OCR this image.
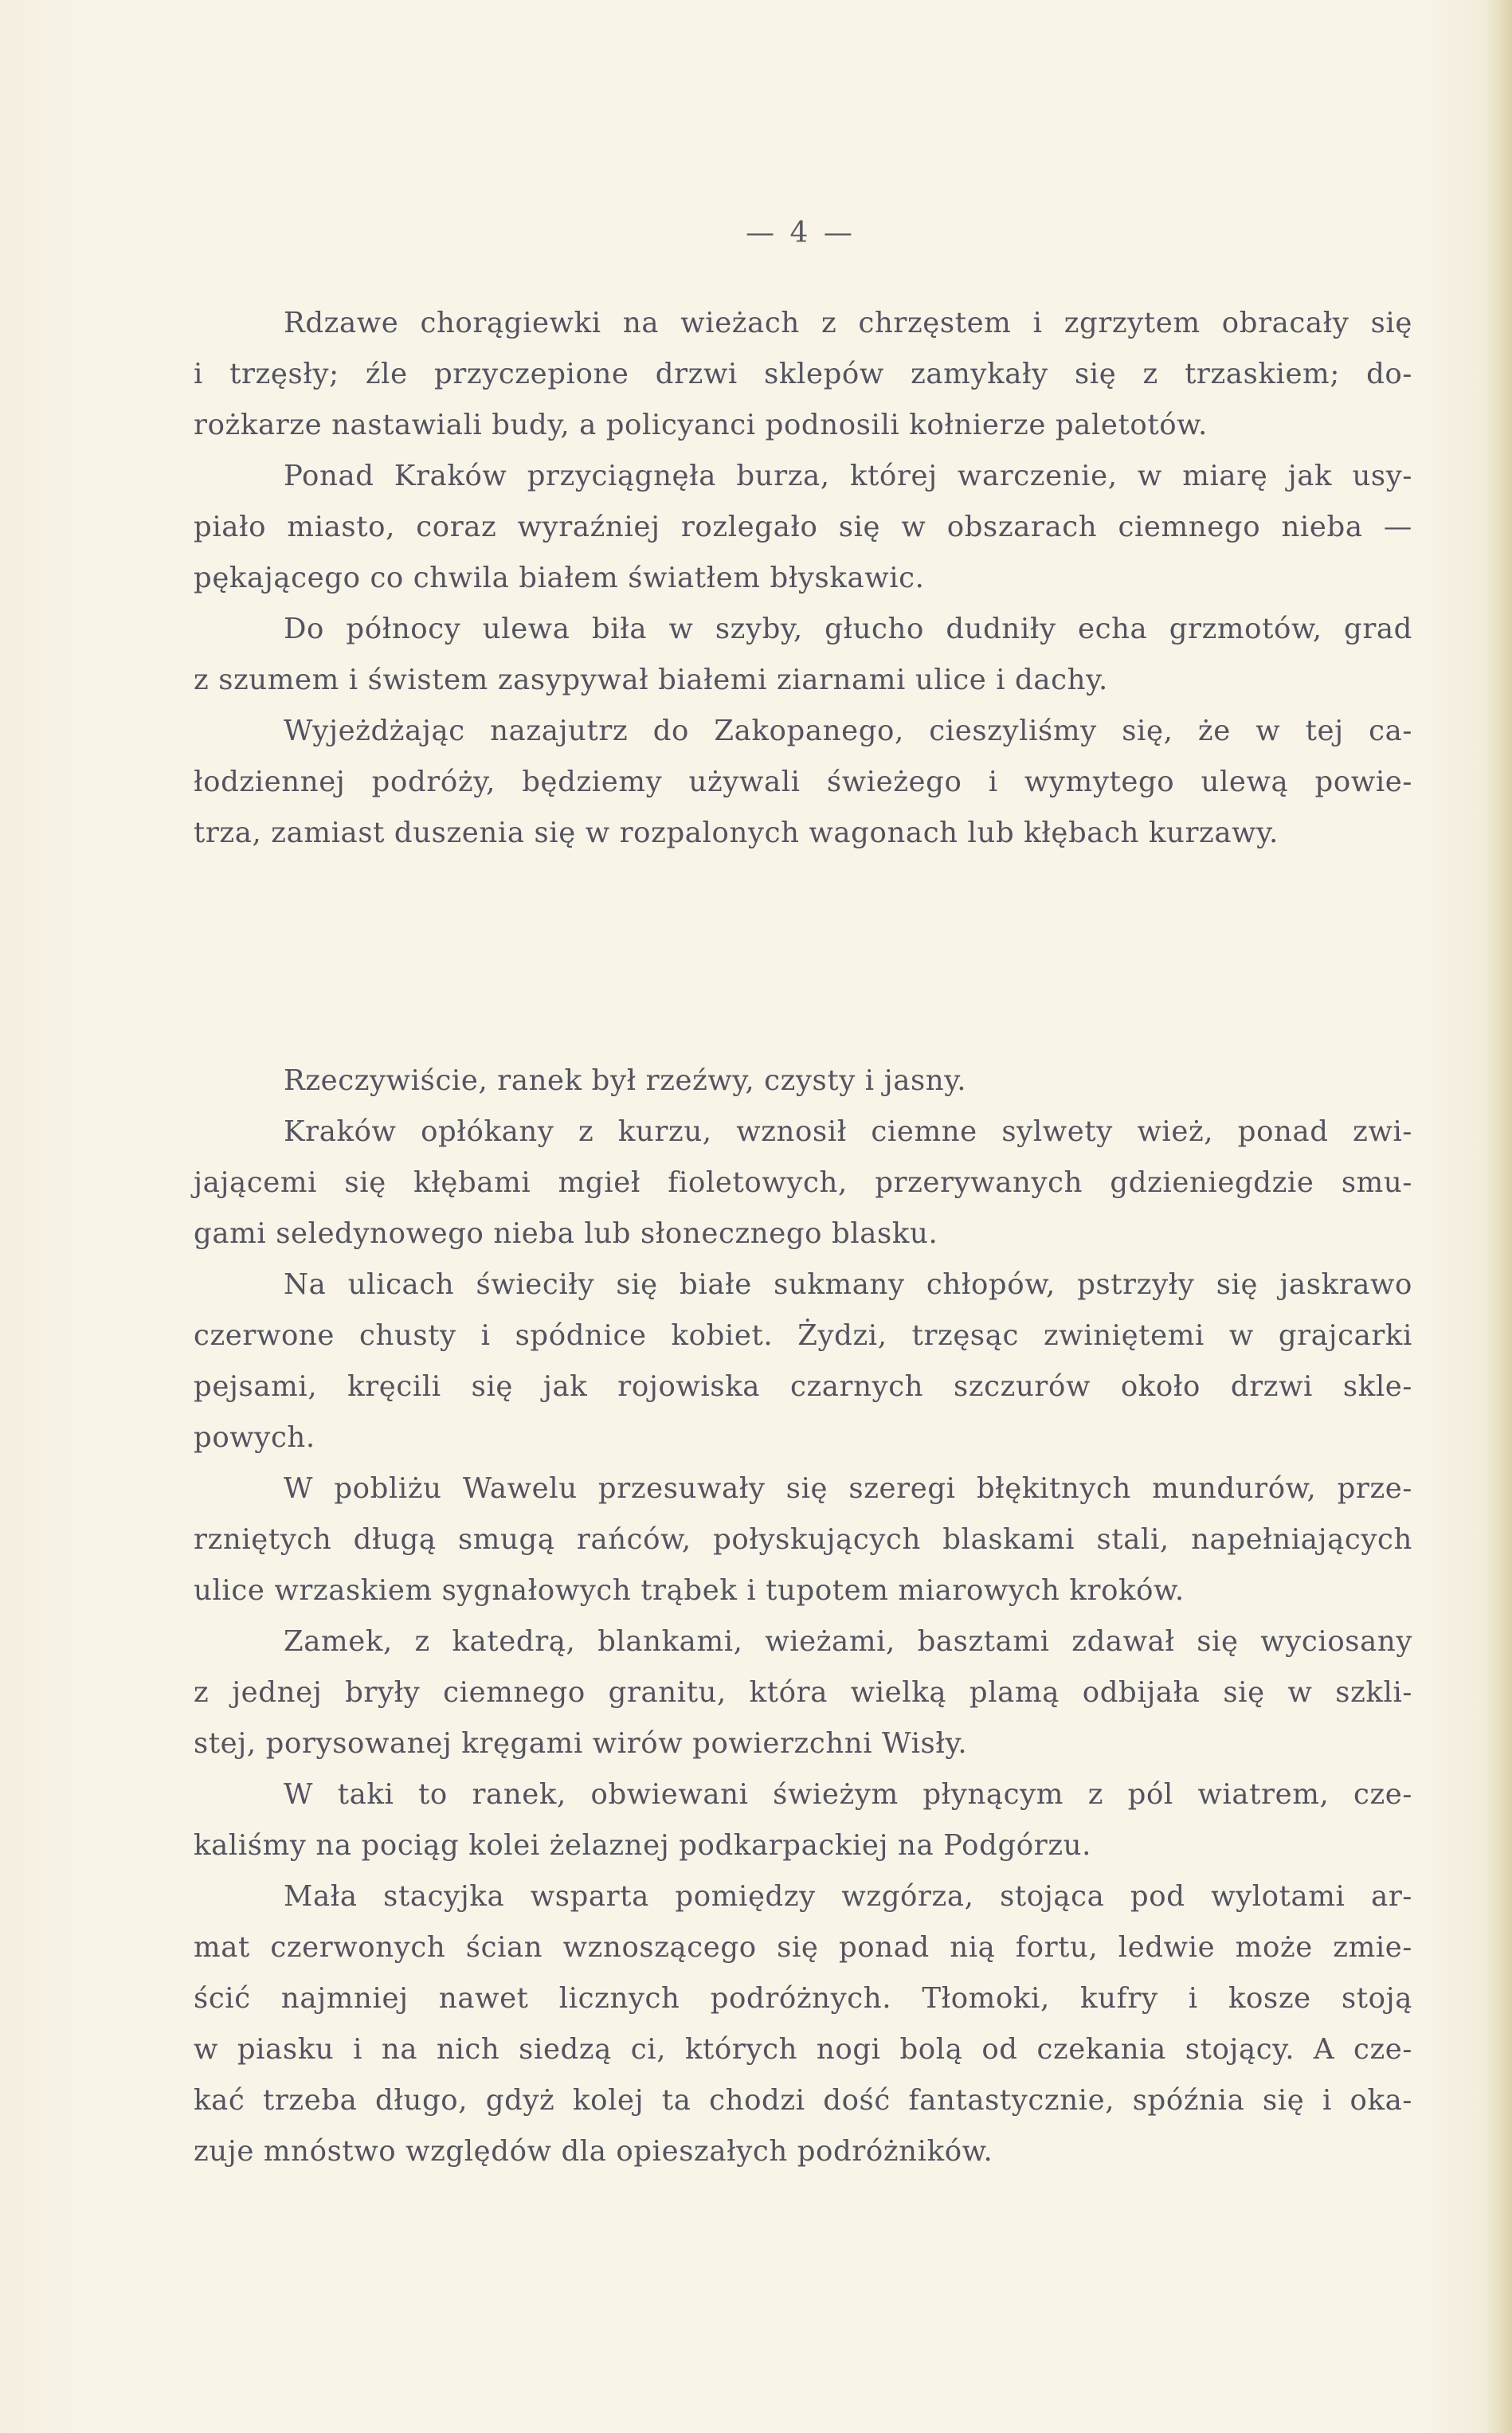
— 4 —
Rdzawe chorągiewki na wieżach z chrzęstem i zgrzytem obracały się
i trzęsły; źle przyczepione drzwi sklepów zamykały się z trzaskiem; do-
rożkarze nastawiali budy, a policyanci podnosili kołnierze paletotów.
Ponad Kraków przyciągnęła burza, której warczenie, w miarę jak usy-
piało miasto, coraz wyraźniej rozlegało się w obszarach ciemnego nieba —
pękającego co chwila białem światłem błyskawic.
Do północy ulewa biła w szyby, głucho dudniły echa grzmotów, grad
z szumem i świstem zasypywał białemi ziarnami ulice i dachy.
Wyjeżdżając nazajutrz do Zakopanego, cieszyliśmy się, że w tej ca-
łodziennej podróży, będziemy używali świeżego i wymytego ulewą powie-
trza, zamiast duszenia się w rozpalonych wagonach lub kłębach kurzawy.
Rzeczywiście, ranek był rzeźwy, czysty i jasny.
Kraków opłókany z kurzu, wznosił ciemne sylwety wież, ponad zwi-
jającemi się kłębami mgieł fioletowych, przerywanych gdzieniegdzie smu-
gami seledynowego nieba lub słonecznego blasku.
Na ulicach świeciły się białe sukmany chłopów, pstrzyły się jaskrawo
czerwone chusty i spódnice kobiet. Żydzi, trzęsąc zwiniętemi w grajcarki
pejsami, kręcili się jak rojowiska czarnych szczurów około drzwi skle-
powych.
W pobliżu Wawelu przesuwały się szeregi błękitnych mundurów, prze-
rzniętych długą smugą rańców, połyskujących blaskami stali, napełniających
ulice wrzaskiem sygnałowych trąbek i tupotem miarowych kroków.
Zamek, z katedrą, blankami, wieżami, basztami zdawał się wyciosany
z jednej bryły ciemnego granitu, która wielką plamą odbijała się w szkli-
stej, porysowanej kręgami wirów powierzchni Wisły.
W taki to ranek, obwiewani świeżym płynącym z pól wiatrem, cze-
kaliśmy na pociąg kolei żelaznej podkarpackiej na Podgórzu.
Mała stacyjka wsparta pomiędzy wzgórza, stojąca pod wylotami ar-
mat czerwonych ścian wznoszącego się ponad nią fortu, ledwie może zmie-
ścić najmniej nawet licznych podróżnych. Tłomoki, kufry i kosze stoją
w piasku i na nich siedzą ci, których nogi bolą od czekania stojący. A cze-
kać trzeba długo, gdyż kolej ta chodzi dość fantastycznie, spóźnia się i oka-
zuje mnóstwo względów dla opieszałych podróżników.
